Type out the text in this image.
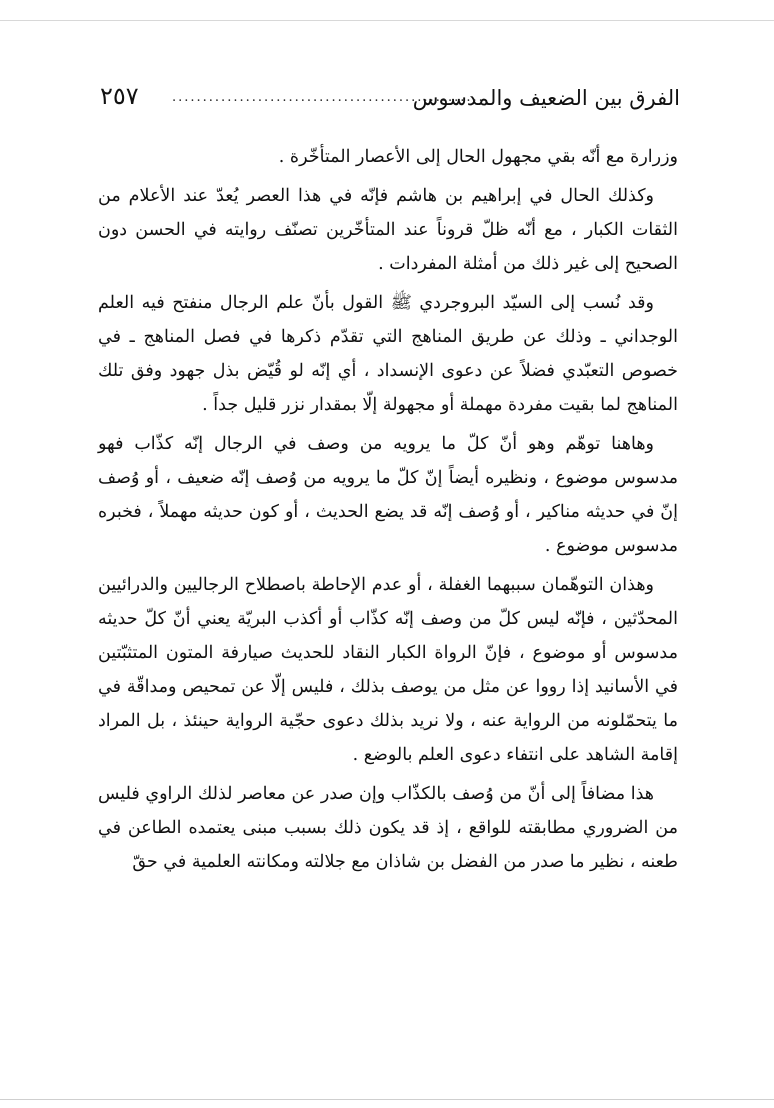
الفرق بين الضعيف والمدسوس
...................................................
٢٥٧

وزرارة مع أنّه بقي مجهول الحال إلى الأعصار المتأخّرة .

وكذلك الحال في إبراهيم بن هاشم فإنّه في هذا العصر يُعدّ عند الأعلام من الثقات الكبار ، مع أنّه ظلّ قروناً عند المتأخّرين تصنّف روايته في الحسن دون الصحيح إلى غير ذلك من أمثلة المفردات .

وقد نُسب إلى السيّد البروجردي ﷺ القول بأنّ علم الرجال منفتح فيه العلم الوجداني ـ وذلك عن طريق المناهج التي تقدّم ذكرها في فصل المناهج ـ في خصوص التعبّدي فضلاً عن دعوى الإنسداد ، أي إنّه لو قُيّض بذل جهود وفق تلك المناهج لما بقيت مفردة مهملة أو مجهولة إلّا بمقدار نزر قليل جداً .

وهاهنا توهّم وهو أنّ كلّ ما يرويه من وصف في الرجال إنّه كذّاب فهو مدسوس موضوع ، ونظيره أيضاً إنّ كلّ ما يرويه من وُصف إنّه ضعيف ، أو وُصف إنّ في حديثه مناكير ، أو وُصف إنّه قد يضع الحديث ، أو كون حديثه مهملاً ، فخبره مدسوس موضوع .

وهذان التوهّمان سببهما الغفلة ، أو عدم الإحاطة باصطلاح الرجاليين والدرائيين المحدّثين ، فإنّه ليس كلّ من وصف إنّه كذّاب أو أكذب البريّة يعني أنّ كلّ حديثه مدسوس أو موضوع ، فإنّ الرواة الكبار النقاد للحديث صيارفة المتون المتثبّتين في الأسانيد إذا رووا عن مثل من يوصف بذلك ، فليس إلّا عن تمحيص ومداقّة في ما يتحمّلونه من الرواية عنه ، ولا نريد بذلك دعوى حجّية الرواية حينئذ ، بل المراد إقامة الشاهد على انتفاء دعوى العلم بالوضع .

هذا مضافاً إلى أنّ من وُصف بالكذّاب وإن صدر عن معاصر لذلك الراوي فليس من الضروري مطابقته للواقع ، إذ قد يكون ذلك بسبب مبنى يعتمده الطاعن في طعنه ، نظير ما صدر من الفضل بن شاذان مع جلالته ومكانته العلمية في حقّ
